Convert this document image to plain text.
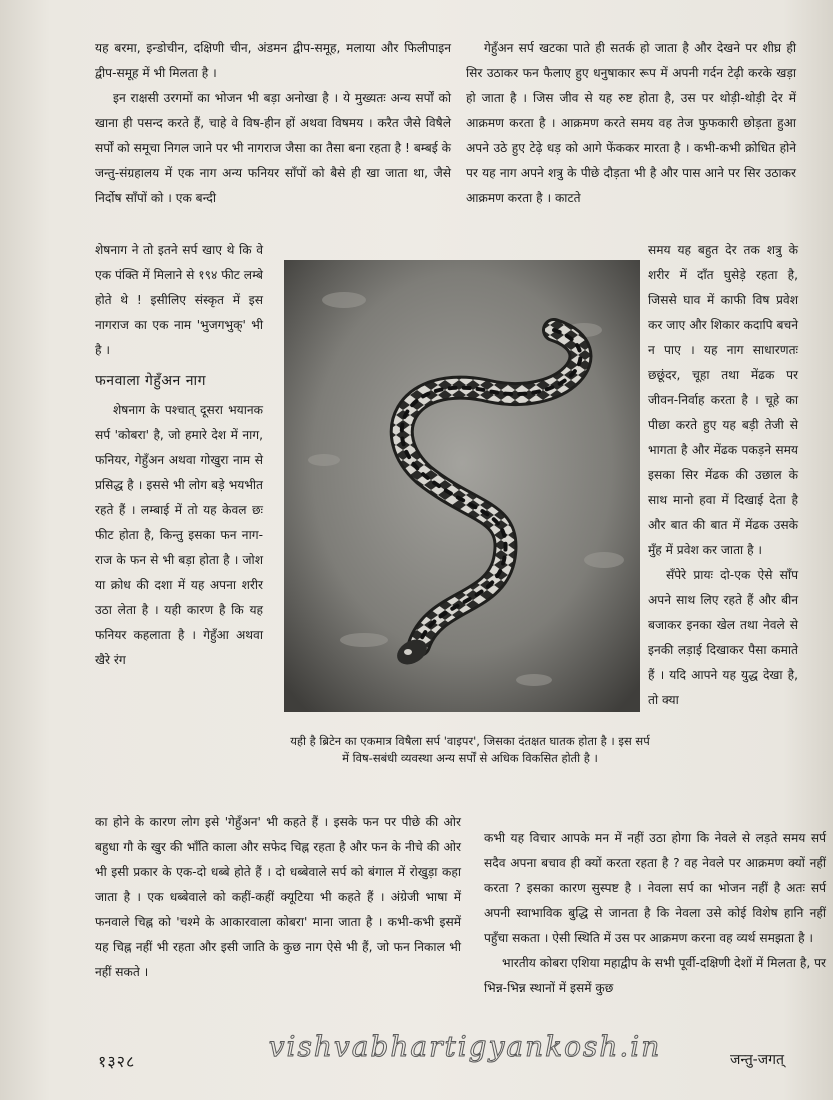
यह बरमा, इन्डोचीन, दक्षिणी चीन, अंडमन द्वीप-समूह, मलाया और फिलीपाइन द्वीप-समूह में भी मिलता है ।

इन राक्षसी उरगमों का भोजन भी बड़ा अनोखा है । ये मुख्यतः अन्य सर्पों को खाना ही पसन्द करते हैं, चाहे वे विष-हीन हों अथवा विषमय । करैत जैसे विषैले सर्पों को समूचा निगल जाने पर भी नागराज जैसा का तैसा बना रहता है ! बम्बई के जन्तु-संग्रहालय में एक नाग अन्य फनियर साँपों को बैसे ही खा जाता था, जैसे निर्दोष साँपों को । एक बन्दी

शेषनाग ने तो इतने सर्प खाए थे कि वे एक पंक्ति में मिलाने से १९४ फीट लम्बे होते थे ! इसीलिए संस्कृत में इस नागराज का एक नाम 'भुजगभुक्' भी है ।

फनवाला गेहुँअन नाग

शेषनाग के पश्चात् दूसरा भयानक सर्प 'कोबरा' है, जो हमारे देश में नाग, फनियर, गेहुँअन अथवा गोखुरा नाम से प्रसिद्ध है । इससे भी लोग बड़े भयभीत रहते हैं । लम्बाई में तो यह केवल छः फीट होता है, किन्तु इसका फन नाग-राज के फन से भी बड़ा होता है । जोश या क्रोध की दशा में यह अपना शरीर उठा लेता है । यही कारण है कि यह फनियर कहलाता है । गेहुँआ अथवा खैरे रंग

का होने के कारण लोग इसे 'गेहुँअन' भी कहते हैं । इसके फन पर पीछे की ओर बहुधा गौ के खुर की भाँति काला और सफेद चिह्न रहता है और फन के नीचे की ओर भी इसी प्रकार के एक-दो धब्बे होते हैं । दो धब्बेवाले सर्प को बंगाल में रोखुड़ा कहा जाता है । एक धब्बेवाले को कहीं-कहीं क्यूटिया भी कहते हैं । अंग्रेजी भाषा में फनवाले चिह्न को 'चश्मे के आकारवाला कोबरा' माना जाता है । कभी-कभी इसमें यह चिह्न नहीं भी रहता और इसी जाति के कुछ नाग ऐसे भी हैं, जो फन निकाल भी नहीं सकते ।

गेहुँअन सर्प खटका पाते ही सतर्क हो जाता है और देखने पर शीघ्र ही सिर उठाकर फन फैलाए हुए धनुषाकार रूप में अपनी गर्दन टेढ़ी करके खड़ा हो जाता है । जिस जीव से यह रुष्ट होता है, उस पर थोड़ी-थोड़ी देर में आक्रमण करता है । आक्रमण करते समय वह तेज फुफकारी छोड़ता हुआ अपने उठे हुए टेढ़े धड़ को आगे फेंककर मारता है । कभी-कभी क्रोधित होने पर यह नाग अपने शत्रु के पीछे दौड़ता भी है और पास आने पर सिर उठाकर आक्रमण करता है । काटते

समय यह बहुत देर तक शत्रु के शरीर में दाँत घुसेड़े रहता है, जिससे घाव में काफी विष प्रवेश कर जाए और शिकार कदापि बचने न पाए । यह नाग साधारणतः छछूंदर, चूहा तथा मेंढक पर जीवन-निर्वाह करता है । चूहे का पीछा करते हुए यह बड़ी तेजी से भागता है और मेंढक पकड़ने समय इसका सिर मेंढक की उछाल के साथ मानो हवा में दिखाई देता है और बात की बात में मेंढक उसके मुँह में प्रवेश कर जाता है ।

सँपेरे प्रायः दो-एक ऐसे साँप अपने साथ लिए रहते हैं और बीन बजाकर इनका खेल तथा नेवले से इनकी लड़ाई दिखाकर पैसा कमाते हैं । यदि आपने यह युद्ध देखा है, तो क्या

कभी यह विचार आपके मन में नहीं उठा होगा कि नेवले से लड़ते समय सर्प सदैव अपना बचाव ही क्यों करता रहता है ? वह नेवले पर आक्रमण क्यों नहीं करता ? इसका कारण सुस्पष्ट है । नेवला सर्प का भोजन नहीं है अतः सर्प अपनी स्वाभाविक बुद्धि से जानता है कि नेवला उसे कोई विशेष हानि नहीं पहुँचा सकता । ऐसी स्थिति में उस पर आक्रमण करना वह व्यर्थ समझता है ।

भारतीय कोबरा एशिया महाद्वीप के सभी पूर्वी-दक्षिणी देशों में मिलता है, पर भिन्न-भिन्न स्थानों में इसमें कुछ

यही है ब्रिटेन का एकमात्र विषैला सर्प 'वाइपर', जिसका दंतक्षत घातक होता है । इस सर्प में विष-सबंधी व्यवस्था अन्य सर्पों से अधिक विकसित होती है ।
vishvabhartigyankosh.in
१३२८	जन्तु-जगत्
